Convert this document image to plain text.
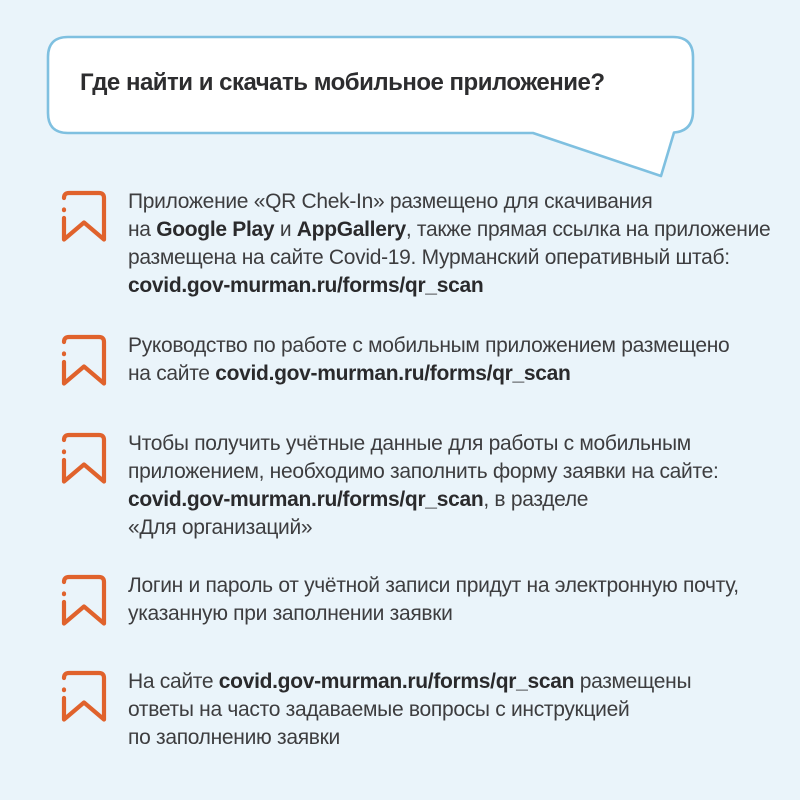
Где найти и скачать мобильное приложение?
Приложение «QR Chek-In» размещено для скачивания
на Google Play и AppGallery, также прямая ссылка на приложение
размещена на сайте Covid-19. Мурманский оперативный штаб:
covid.gov-murman.ru/forms/qr_scan
Руководство по работе с мобильным приложением размещено
на сайте covid.gov-murman.ru/forms/qr_scan
Чтобы получить учётные данные для работы с мобильным
приложением, необходимо заполнить форму заявки на сайте:
covid.gov-murman.ru/forms/qr_scan, в разделе
«Для организаций»
Логин и пароль от учётной записи придут на электронную почту,
указанную при заполнении заявки
На сайте covid.gov-murman.ru/forms/qr_scan размещены
ответы на часто задаваемые вопросы с инструкцией
по заполнению заявки
